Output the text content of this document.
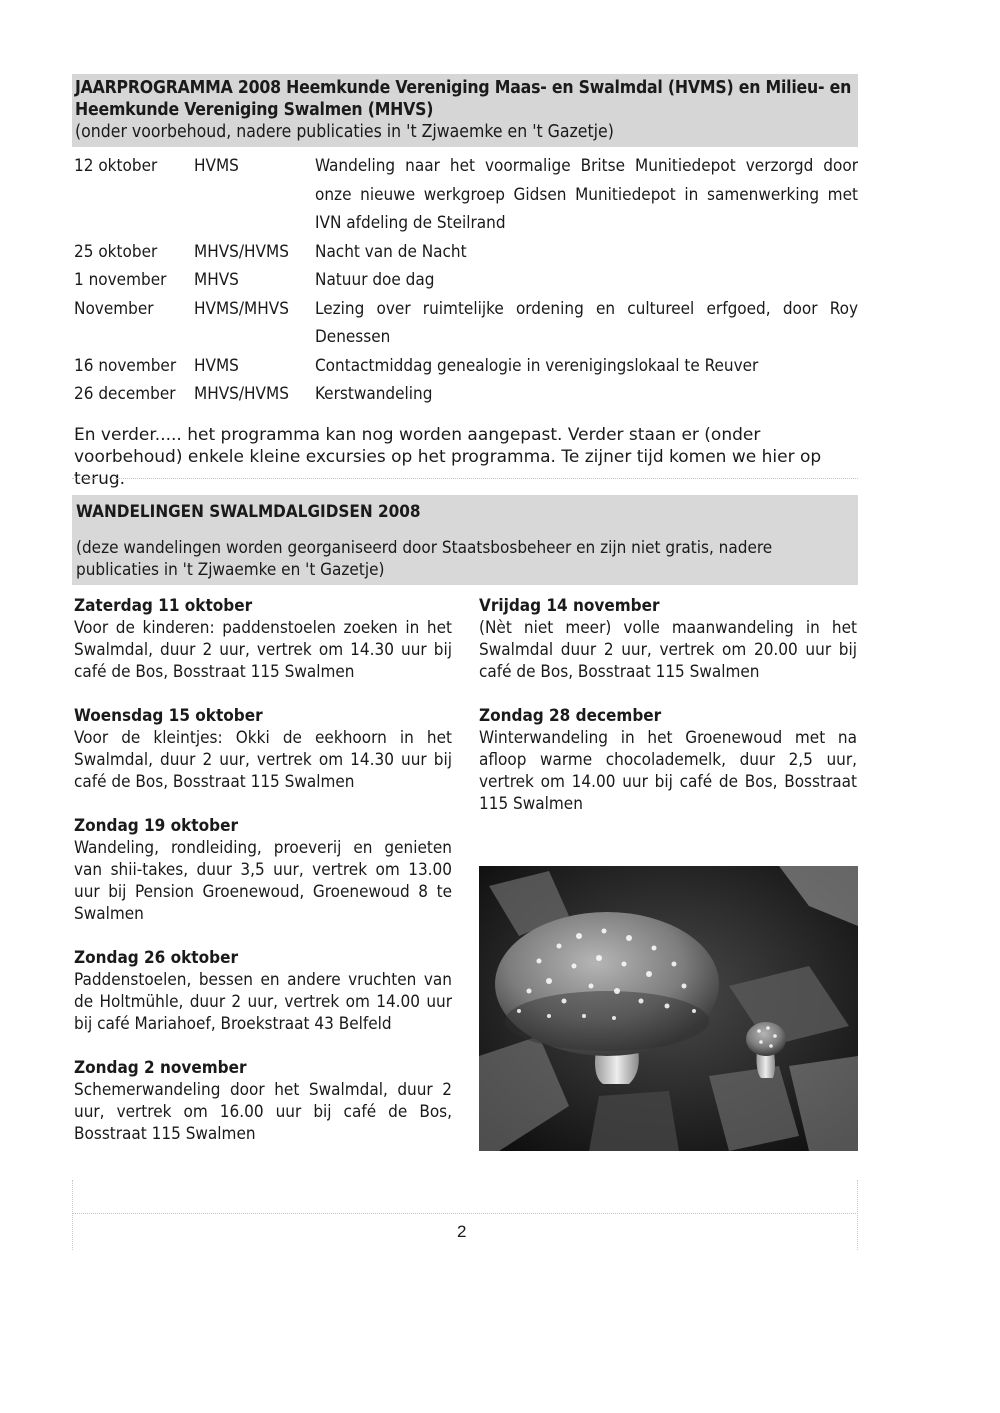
JAARPROGRAMMA 2008 Heemkunde Vereniging Maas- en Swalmdal (HVMS) en Milieu- en
Heemkunde Vereniging Swalmen (MHVS)
(onder voorbehoud, nadere publicaties in 't Zjwaemke en 't Gazetje)
12 oktober	HVMS	Wandeling naar het voormalige Britse Munitiedepot verzorgd door onze nieuwe werkgroep Gidsen Munitiedepot in samenwerking met IVN afdeling de Steilrand
25 oktober	MHVS/HVMS	Nacht van de Nacht
1 november	MHVS	Natuur doe dag
November	HVMS/MHVS	Lezing over ruimtelijke ordening en cultureel erfgoed, door Roy Denessen
16 november	HVMS	Contactmiddag genealogie in verenigingslokaal te Reuver
26 december	MHVS/HVMS	Kerstwandeling
En verder..... het programma kan nog worden aangepast. Verder staan er (onder voorbehoud) enkele kleine excursies op het programma. Te zijner tijd komen we hier op terug.
WANDELINGEN SWALMDALGIDSEN 2008
(deze wandelingen worden georganiseerd door Staatsbosbeheer en zijn niet gratis, nadere publicaties in 't Zjwaemke en 't Gazetje)
Zaterdag 11 oktober
Voor de kinderen: paddenstoelen zoeken in het Swalmdal, duur 2 uur, vertrek om 14.30 uur bij café de Bos, Bosstraat 115 Swalmen
Woensdag 15 oktober
Voor de kleintjes: Okki de eekhoorn in het Swalmdal, duur 2 uur, vertrek om 14.30 uur bij café de Bos, Bosstraat 115 Swalmen
Zondag 19 oktober
Wandeling, rondleiding, proeverij en genieten van shii-takes, duur 3,5 uur, vertrek om 13.00 uur bij Pension Groenewoud, Groenewoud 8 te Swalmen
Zondag 26 oktober
Paddenstoelen, bessen en andere vruchten van de Holtmühle, duur 2 uur, vertrek om 14.00 uur bij café Mariahoef, Broekstraat 43 Belfeld
Zondag 2 november
Schemerwandeling door het Swalmdal, duur 2 uur, vertrek om 16.00 uur bij café de Bos, Bosstraat 115 Swalmen
Vrijdag 14 november
(Nèt niet meer) volle maanwandeling in het Swalmdal duur 2 uur, vertrek om 20.00 uur bij café de Bos, Bosstraat 115 Swalmen
Zondag 28 december
Winterwandeling in het Groenewoud met na afloop warme chocolademelk, duur 2,5 uur, vertrek om 14.00 uur bij café de Bos, Bosstraat 115 Swalmen
2
